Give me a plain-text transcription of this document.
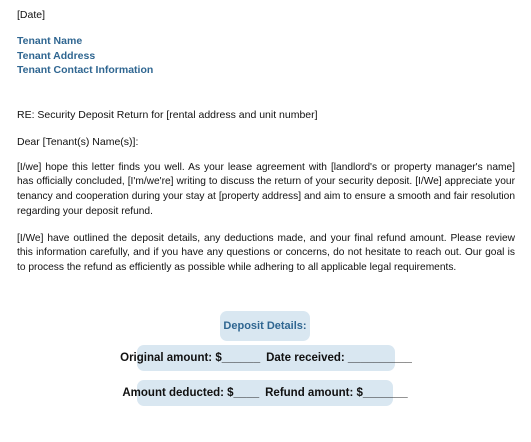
[Date]
Tenant Name
Tenant Address
Tenant Contact Information
RE: Security Deposit Return for [rental address and unit number]
Dear [Tenant(s) Name(s)]:
[I/we] hope this letter finds you well. As your lease agreement with [landlord's or property manager's name] has officially concluded, [I'm/we're] writing to discuss the return of your security deposit. [I/We] appreciate your tenancy and cooperation during your stay at [property address] and aim to ensure a smooth and fair resolution regarding your deposit refund.
[I/We] have outlined the deposit details, any deductions made, and your final refund amount. Please review this information carefully, and if you have any questions or concerns, do not hesitate to reach out. Our goal is to process the refund as efficiently as possible while adhering to all applicable legal requirements.
Deposit Details:
Original amount: $______ Date received: __________
Amount deducted: $____ Refund amount: $_______
